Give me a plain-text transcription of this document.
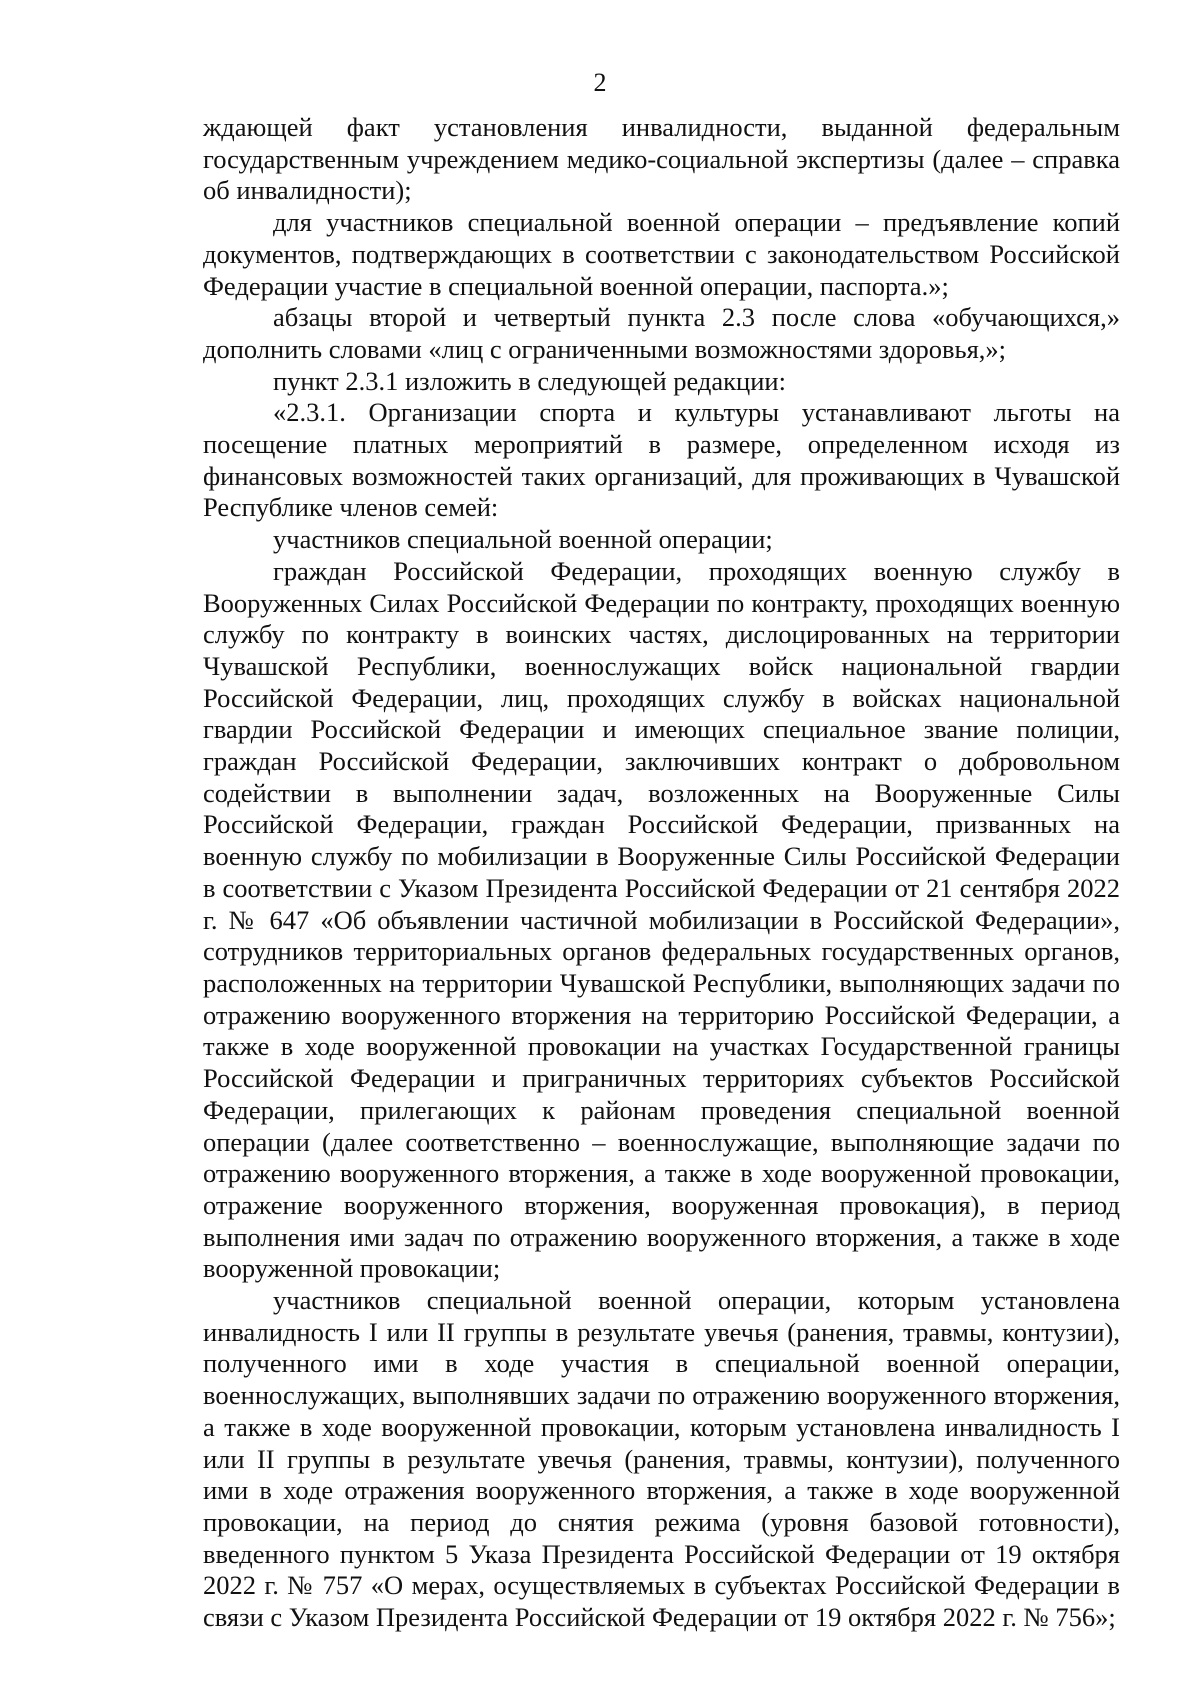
2

ждающей факт установления инвалидности, выданной федеральным государственным учреждением медико-социальной экспертизы (далее – справка об инвалидности);

для участников специальной военной операции – предъявление копий документов, подтверждающих в соответствии с законодательством Российской Федерации участие в специальной военной операции, паспорта.»;

абзацы второй и четвертый пункта 2.3 после слова «обучающихся,» дополнить словами «лиц с ограниченными возможностями здоровья,»;

пункт 2.3.1 изложить в следующей редакции:

«2.3.1. Организации спорта и культуры устанавливают льготы на посещение платных мероприятий в размере, определенном исходя из финансовых возможностей таких организаций, для проживающих в Чувашской Республике членов семей:

участников специальной военной операции;

граждан Российской Федерации, проходящих военную службу в Вооруженных Силах Российской Федерации по контракту, проходящих военную службу по контракту в воинских частях, дислоцированных на территории Чувашской Республики, военнослужащих войск национальной гвардии Российской Федерации, лиц, проходящих службу в войсках национальной гвардии Российской Федерации и имеющих специальное звание полиции, граждан Российской Федерации, заключивших контракт о добровольном содействии в выполнении задач, возложенных на Вооруженные Силы Российской Федерации, граждан Российской Федерации, призванных на военную службу по мобилизации в Вооруженные Силы Российской Федерации в соответствии с Указом Президента Российской Федерации от 21 сентября 2022 г. № 647 «Об объявлении частичной мобилизации в Российской Федерации», сотрудников территориальных органов федеральных государственных органов, расположенных на территории Чувашской Республики, выполняющих задачи по отражению вооруженного вторжения на территорию Российской Федерации, а также в ходе вооруженной провокации на участках Государственной границы Российской Федерации и приграничных территориях субъектов Российской Федерации, прилегающих к районам проведения специальной военной операции (далее соответственно – военнослужащие, выполняющие задачи по отражению вооруженного вторжения, а также в ходе вооруженной провокации, отражение вооруженного вторжения, вооруженная провокация), в период выполнения ими задач по отражению вооруженного вторжения, а также в ходе вооруженной провокации;

участников специальной военной операции, которым установлена инвалидность I или II группы в результате увечья (ранения, травмы, контузии), полученного ими в ходе участия в специальной военной операции, военнослужащих, выполнявших задачи по отражению вооруженного вторжения, а также в ходе вооруженной провокации, которым установлена инвалидность I или II группы в результате увечья (ранения, травмы, контузии), полученного ими в ходе отражения вооруженного вторжения, а также в ходе вооруженной провокации, на период до снятия режима (уровня базовой готовности), введенного пунктом 5 Указа Президента Российской Федерации от 19 октября 2022 г. № 757 «О мерах, осуществляемых в субъектах Российской Федерации в связи с Указом Президента Российской Федерации от 19 октября 2022 г. № 756»;
